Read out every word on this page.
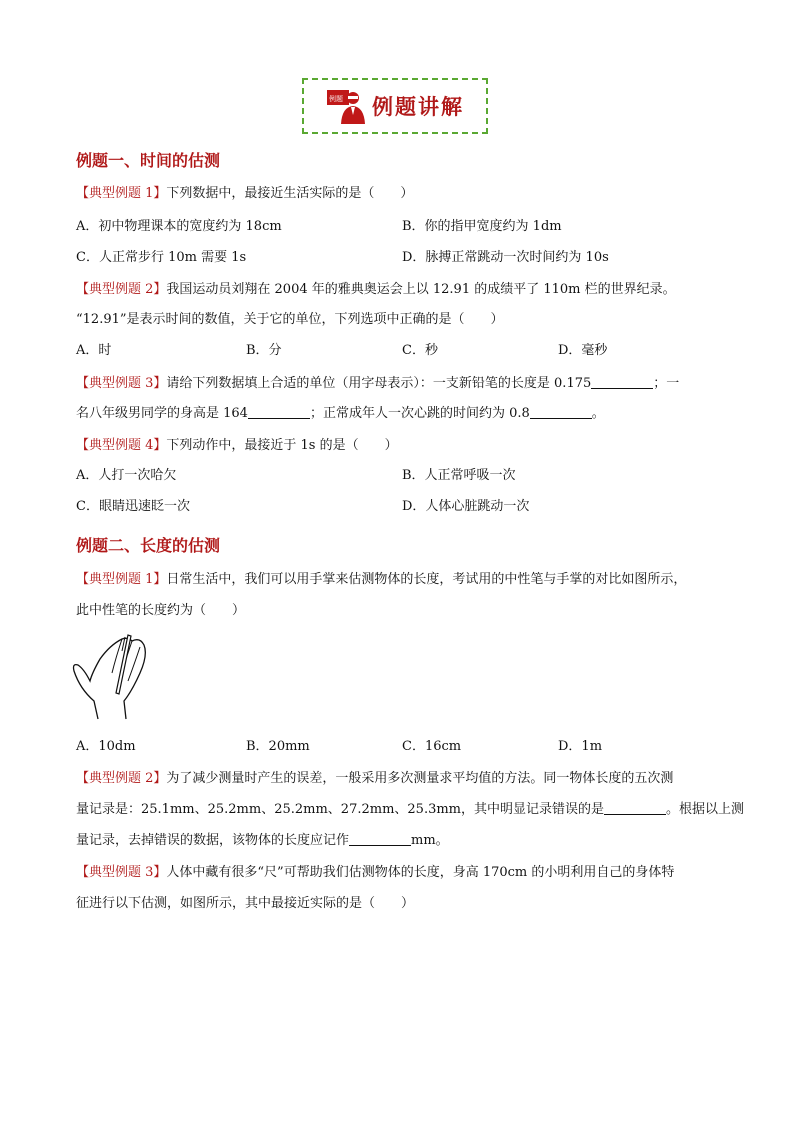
例题 例题讲解
例题一、时间的估测
【典型例题 1】下列数据中，最接近生活实际的是（　　）
A．初中物理课本的宽度约为 18cm	B．你的指甲宽度约为 1dm
C．人正常步行 10m 需要 1s	D．脉搏正常跳动一次时间约为 10s
【典型例题 2】我国运动员刘翔在 2004 年的雅典奥运会上以 12.91 的成绩平了 110m 栏的世界纪录。
“12.91”是表示时间的数值，关于它的单位，下列选项中正确的是（　　）
A．时	B．分	C．秒	D．毫秒
【典型例题 3】请给下列数据填上合适的单位（用字母表示）：一支新铅笔的长度是 0.175	；一
名八年级男同学的身高是 164	；正常成年人一次心跳的时间约为 0.8	。
【典型例题 4】下列动作中，最接近于 1s 的是（　　）
A．人打一次哈欠	B．人正常呼吸一次
C．眼睛迅速眨一次	D．人体心脏跳动一次
例题二、长度的估测
【典型例题 1】日常生活中，我们可以用手掌来估测物体的长度，考试用的中性笔与手掌的对比如图所示，
此中性笔的长度约为（　　）
A．10dm	B．20mm	C．16cm	D．1m
【典型例题 2】为了减少测量时产生的误差，一般采用多次测量求平均值的方法。同一物体长度的五次测
量记录是：25.1mm、25.2mm、25.2mm、27.2mm、25.3mm，其中明显记录错误的是	。根据以上测
量记录，去掉错误的数据，该物体的长度应记作	mm。
【典型例题 3】人体中藏有很多“尺”可帮助我们估测物体的长度，身高 170cm 的小明利用自己的身体特
征进行以下估测，如图所示，其中最接近实际的是（　　）
